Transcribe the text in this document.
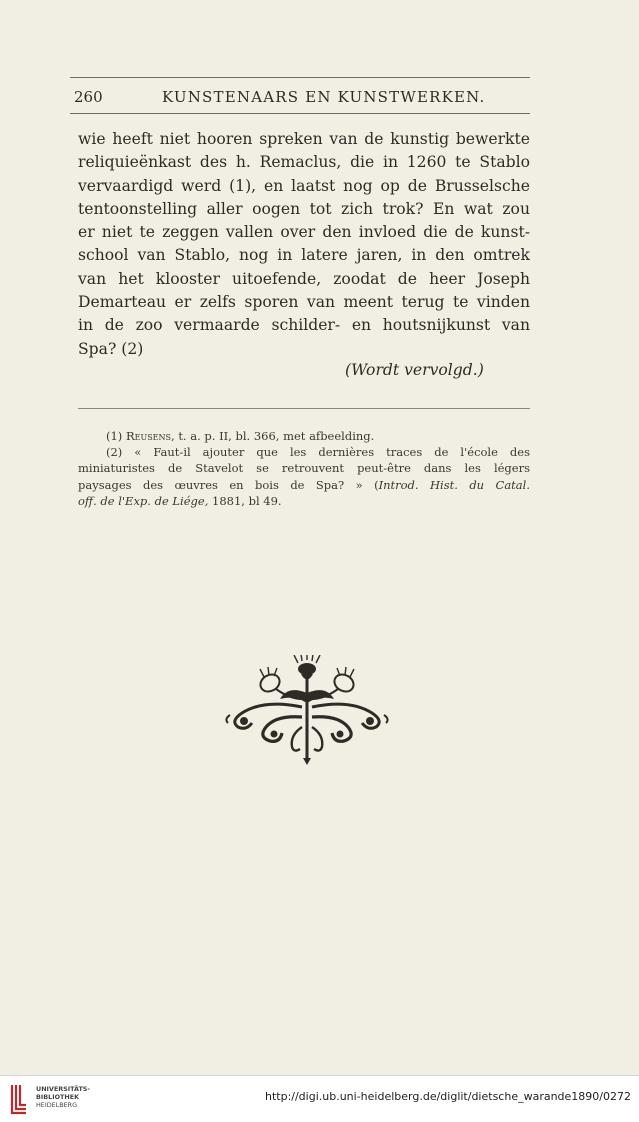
260	KUNSTENAARS EN KUNSTWERKEN.
wie heeft niet hooren spreken van de kunstig bewerkte
reliquieënkast des h. Remaclus, die in 1260 te Stablo
vervaardigd werd (1), en laatst nog op de Brusselsche
tentoonstelling aller oogen tot zich trok? En wat zou
er niet te zeggen vallen over den invloed die de kunst-
school van Stablo, nog in latere jaren, in den omtrek
van het klooster uitoefende, zoodat de heer Joseph
Demarteau er zelfs sporen van meent terug te vinden
in de zoo vermaarde schilder- en houtsnijkunst van
Spa? (2)
(Wordt vervolgd.)
(1) Reusens, t. a. p. II, bl. 366, met afbeelding.
(2) « Faut-il ajouter que les dernières traces de l'école des
miniaturistes de Stavelot se retrouvent peut-être dans les légers
paysages des œuvres en bois de Spa? » (Introd. Hist. du Catal.
off. de l'Exp. de Liége, 1881, bl 49.
UNIVERSITÄTS-
BIBLIOTHEK
HEIDELBERG
http://digi.ub.uni-heidelberg.de/diglit/dietsche_warande1890/0272
